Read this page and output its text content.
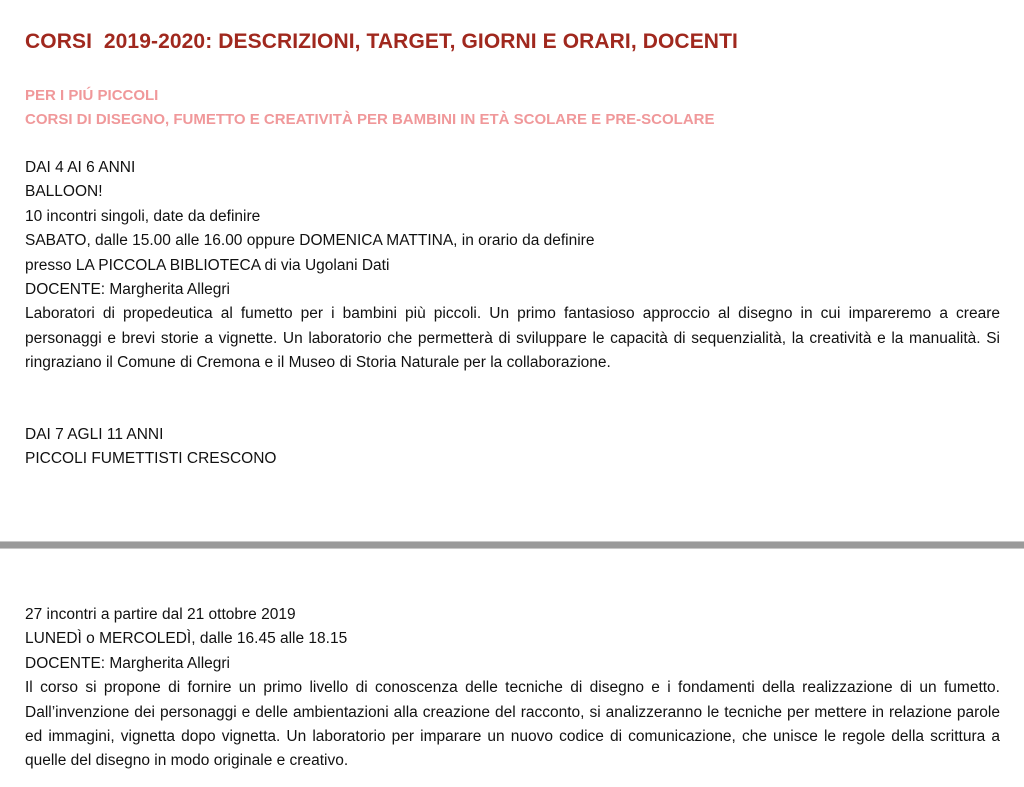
CORSI  2019-2020: DESCRIZIONI, TARGET, GIORNI E ORARI, DOCENTI
PER I PIÚ PICCOLI
CORSI DI DISEGNO, FUMETTO E CREATIVITÀ PER BAMBINI IN ETÀ SCOLARE E PRE-SCOLARE
DAI 4 AI 6 ANNI
BALLOON!
10 incontri singoli, date da definire
SABATO, dalle 15.00 alle 16.00 oppure DOMENICA MATTINA, in orario da definire
presso LA PICCOLA BIBLIOTECA di via Ugolani Dati
DOCENTE: Margherita Allegri
Laboratori di propedeutica al fumetto per i bambini più piccoli. Un primo fantasioso approccio al disegno in cui impareremo a creare personaggi e brevi storie a vignette. Un laboratorio che permetterà di sviluppare le capacità di sequenzialità, la creatività e la manualità. Si ringraziano il Comune di Cremona e il Museo di Storia Naturale per la collaborazione.
DAI 7 AGLI 11 ANNI
PICCOLI FUMETTISTI CRESCONO
27 incontri a partire dal 21 ottobre 2019
LUNEDÌ o MERCOLEDÌ, dalle 16.45 alle 18.15
DOCENTE: Margherita Allegri
Il corso si propone di fornire un primo livello di conoscenza delle tecniche di disegno e i fondamenti della realizzazione di un fumetto. Dall’invenzione dei personaggi e delle ambientazioni alla creazione del racconto, si analizzeranno le tecniche per mettere in relazione parole ed immagini, vignetta dopo vignetta. Un laboratorio per imparare un nuovo codice di comunicazione, che unisce le regole della scrittura a quelle del disegno in modo originale e creativo.
